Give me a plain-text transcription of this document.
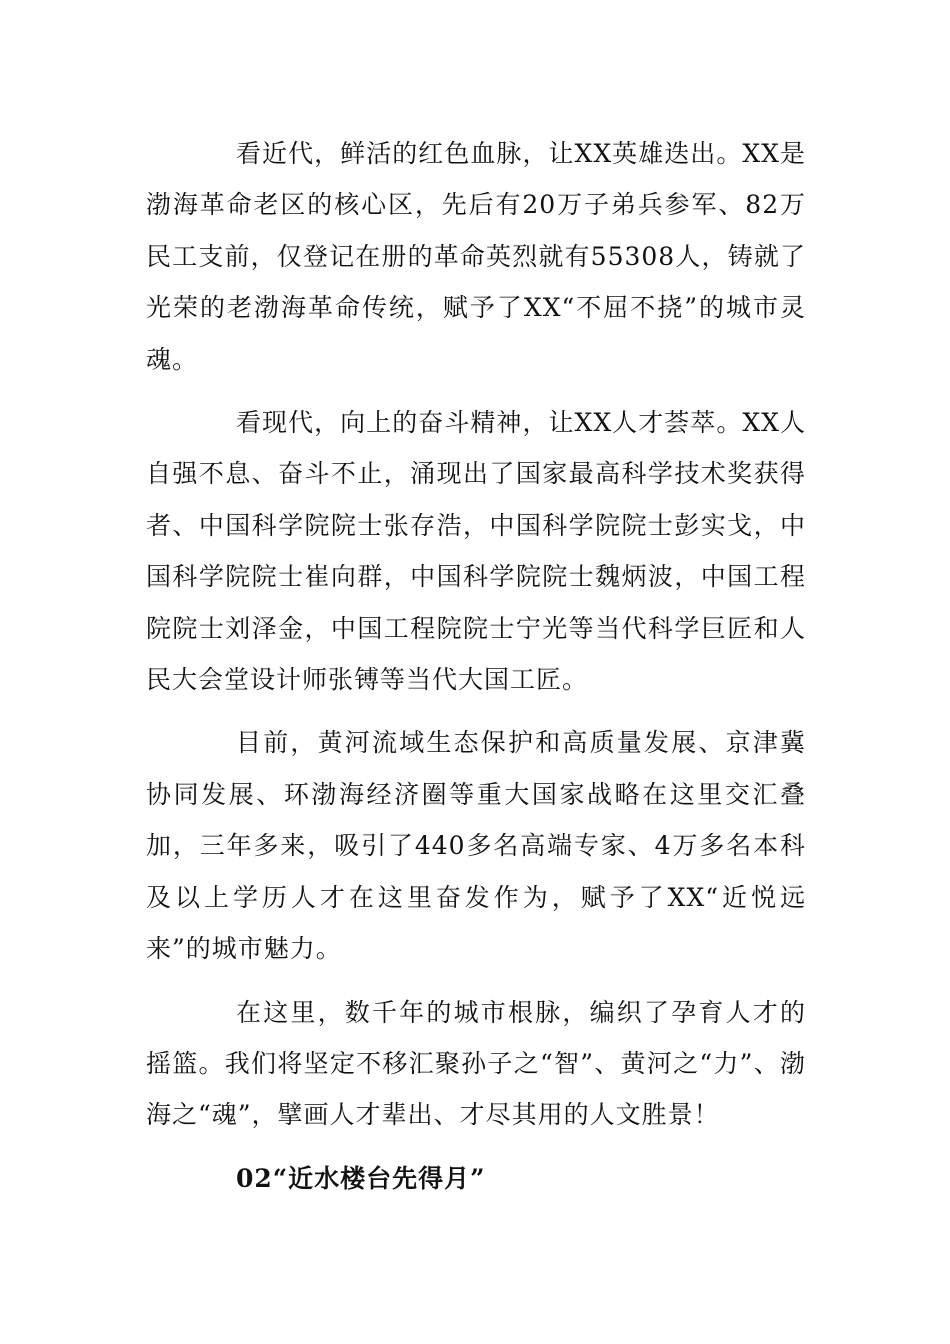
看近代，鲜活的红色血脉，让XX英雄迭出。XX是渤海革命老区的核心区，先后有20万子弟兵参军、82万民工支前，仅登记在册的革命英烈就有55308人，铸就了光荣的老渤海革命传统，赋予了XX“不屈不挠”的城市灵魂。

看现代，向上的奋斗精神，让XX人才荟萃。XX人自强不息、奋斗不止，涌现出了国家最高科学技术奖获得者、中国科学院院士张存浩，中国科学院院士彭实戈，中国科学院院士崔向群，中国科学院院士魏炳波，中国工程院院士刘泽金，中国工程院院士宁光等当代科学巨匠和人民大会堂设计师张镈等当代大国工匠。

目前，黄河流域生态保护和高质量发展、京津冀协同发展、环渤海经济圈等重大国家战略在这里交汇叠加，三年多来，吸引了440多名高端专家、4万多名本科及以上学历人才在这里奋发作为，赋予了XX“近悦远来”的城市魅力。

在这里，数千年的城市根脉，编织了孕育人才的摇篮。我们将坚定不移汇聚孙子之“智”、黄河之“力”、渤海之“魂”，擘画人才辈出、才尽其用的人文胜景！

02“近水楼台先得月”
